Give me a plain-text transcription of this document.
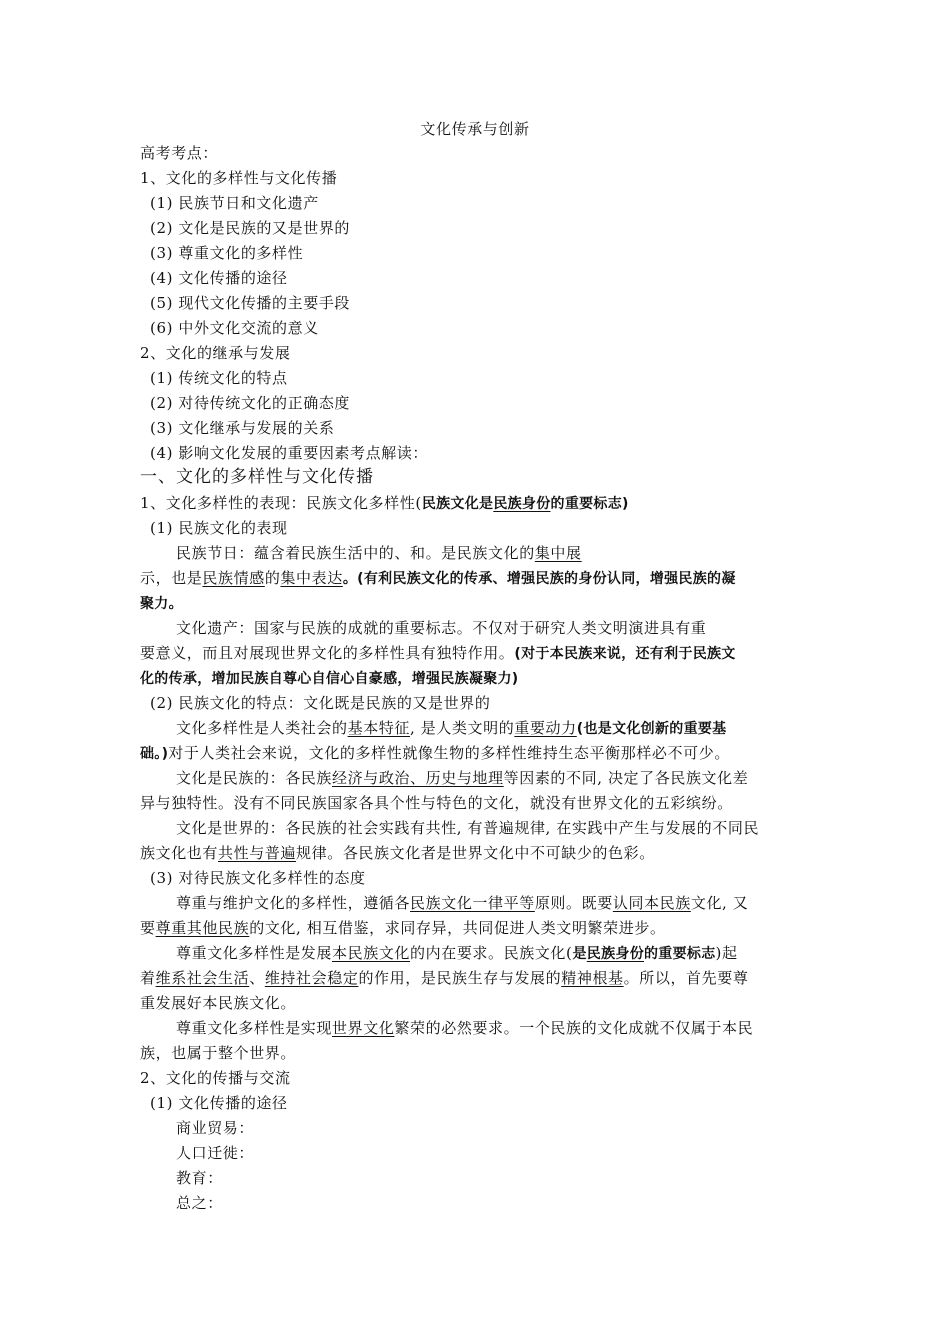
文化传承与创新
高考考点：
1、文化的多样性与文化传播
(1) 民族节日和文化遗产
(2) 文化是民族的又是世界的
(3) 尊重文化的多样性
(4) 文化传播的途径
(5) 现代文化传播的主要手段
(6) 中外文化交流的意义
2、文化的继承与发展
(1) 传统文化的特点
(2) 对待传统文化的正确态度
(3) 文化继承与发展的关系
(4) 影响文化发展的重要因素考点解读：
一、文化的多样性与文化传播
1、文化多样性的表现：民族文化多样性(民族文化是民族身份的重要标志)
(1) 民族文化的表现
民族节日：蕴含着民族生活中的、和。是民族文化的集中展
示，也是民族情感的集中表达。(有利民族文化的传承、增强民族的身份认同，增强民族的凝
聚力。
文化遗产：国家与民族的成就的重要标志。不仅对于研究人类文明演进具有重
要意义，而且对展现世界文化的多样性具有独特作用。(对于本民族来说，还有利于民族文
化的传承，增加民族自尊心自信心自豪感，增强民族凝聚力)
(2) 民族文化的特点：文化既是民族的又是世界的
文化多样性是人类社会的基本特征, 是人类文明的重要动力(也是文化创新的重要基
础。)对于人类社会来说，文化的多样性就像生物的多样性维持生态平衡那样必不可少。
文化是民族的：各民族经济与政治、历史与地理等因素的不同, 决定了各民族文化差
异与独特性。没有不同民族国家各具个性与特色的文化，就没有世界文化的五彩缤纷。
文化是世界的：各民族的社会实践有共性, 有普遍规律, 在实践中产生与发展的不同民
族文化也有共性与普遍规律。各民族文化者是世界文化中不可缺少的色彩。
(3) 对待民族文化多样性的态度
尊重与维护文化的多样性，遵循各民族文化一律平等原则。既要认同本民族文化, 又
要尊重其他民族的文化, 相互借鉴，求同存异，共同促进人类文明繁荣进步。
尊重文化多样性是发展本民族文化的内在要求。民族文化(是民族身份的重要标志)起
着维系社会生活、维持社会稳定的作用，是民族生存与发展的精神根基。所以，首先要尊
重发展好本民族文化。
尊重文化多样性是实现世界文化繁荣的必然要求。一个民族的文化成就不仅属于本民
族，也属于整个世界。
2、文化的传播与交流
(1) 文化传播的途径
商业贸易：
人口迁徙：
教育：
总之：
